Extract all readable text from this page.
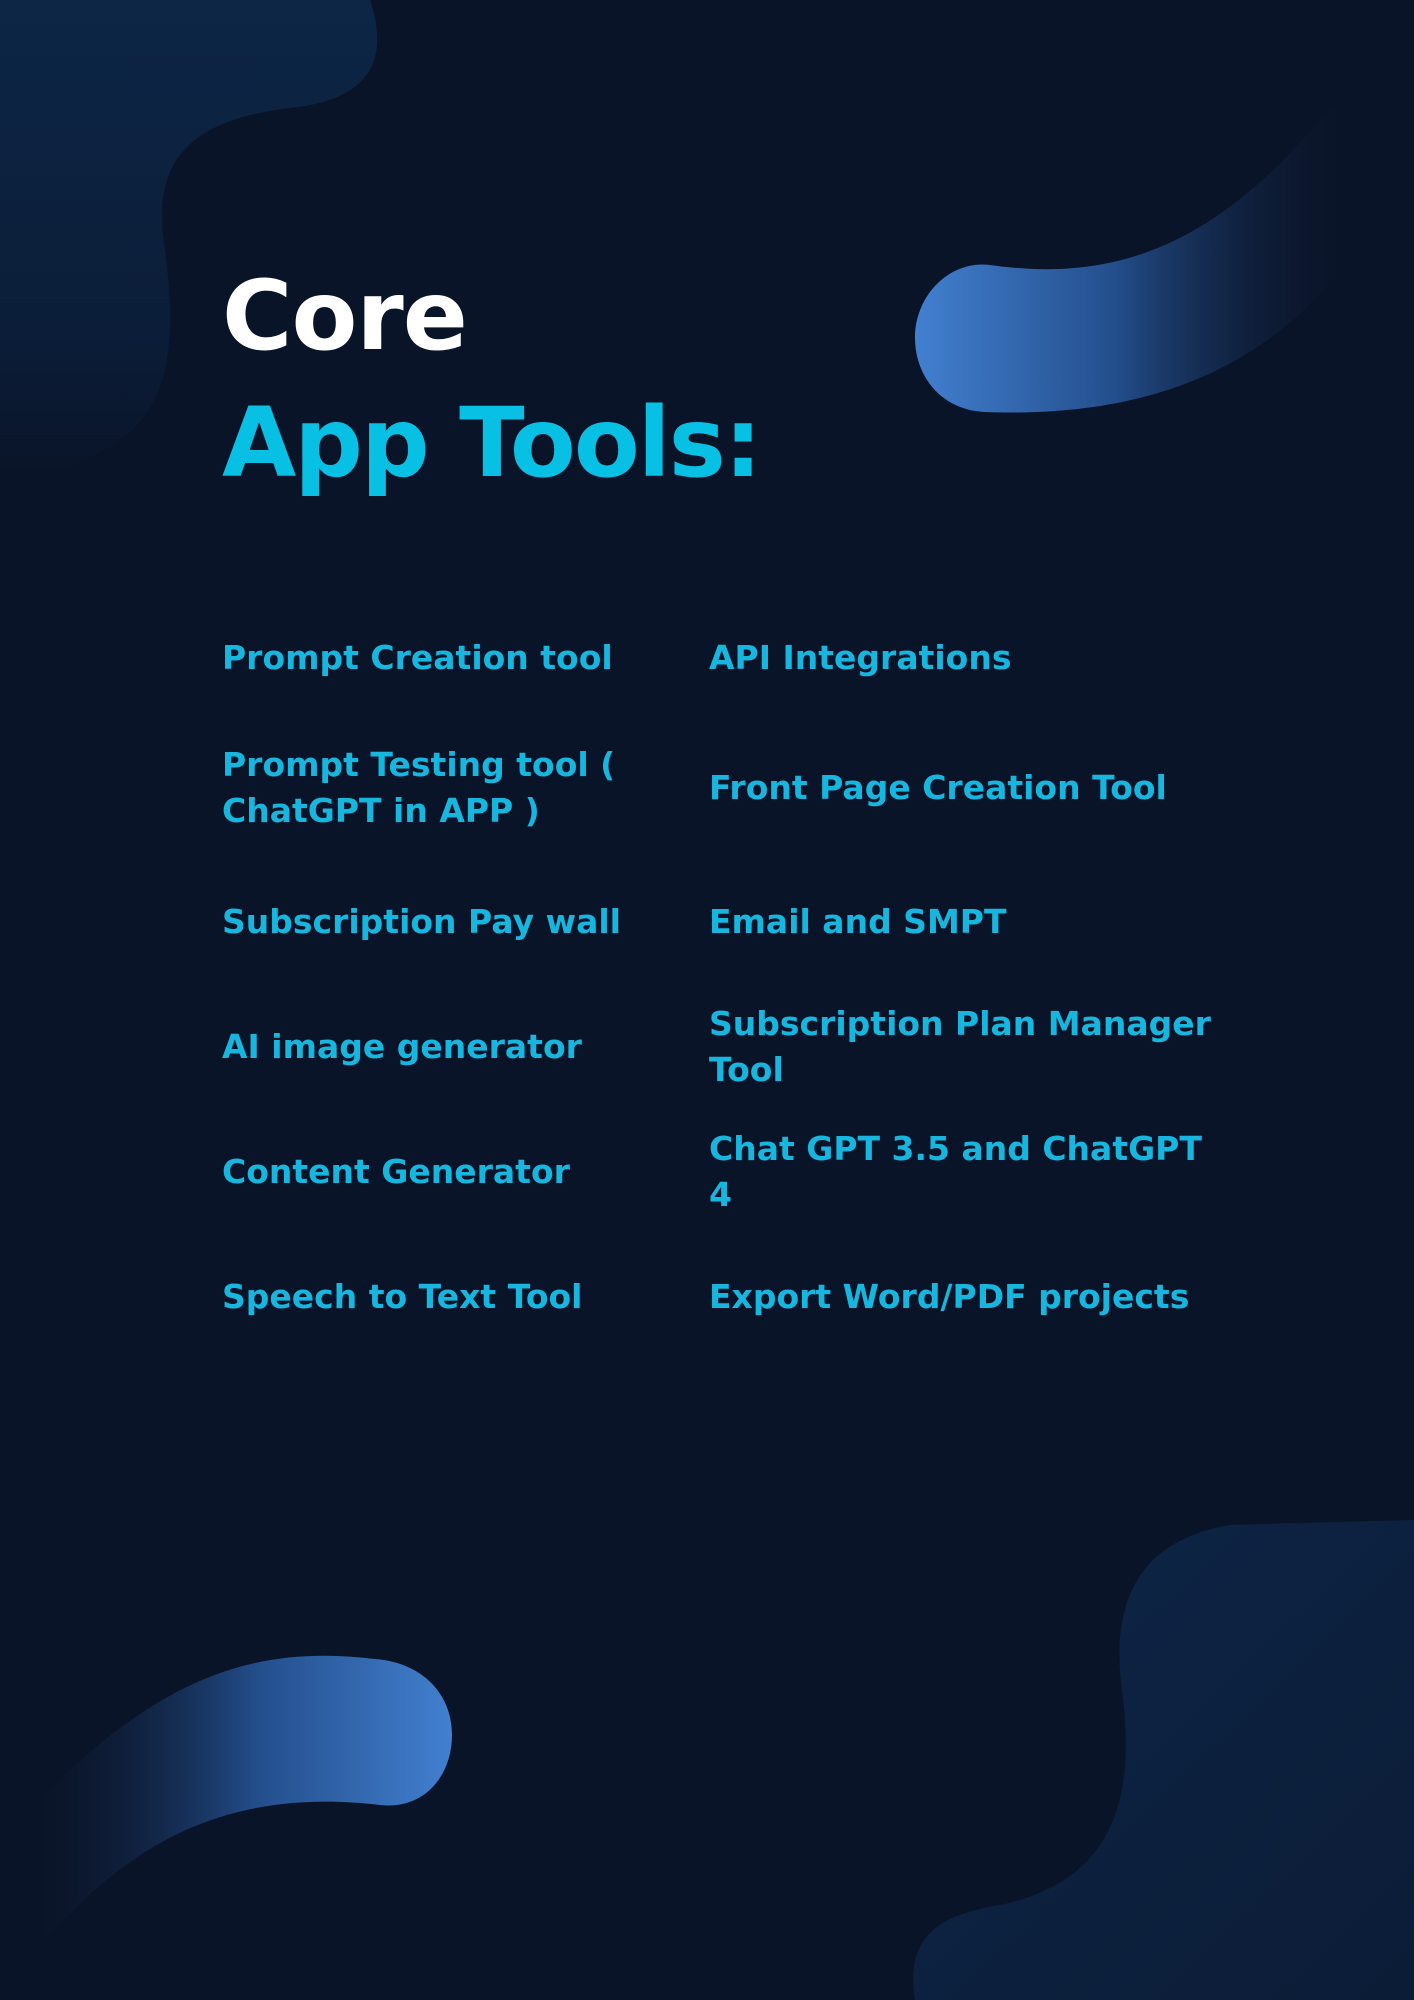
Core
App Tools:
Prompt Creation tool
Prompt Testing tool ( ChatGPT in APP )
Subscription Pay wall
AI image generator
Content Generator
Speech to Text Tool
API Integrations
Front Page Creation Tool
Email and SMPT
Subscription Plan Manager Tool
Chat GPT 3.5 and ChatGPT 4
Export Word/PDF projects
